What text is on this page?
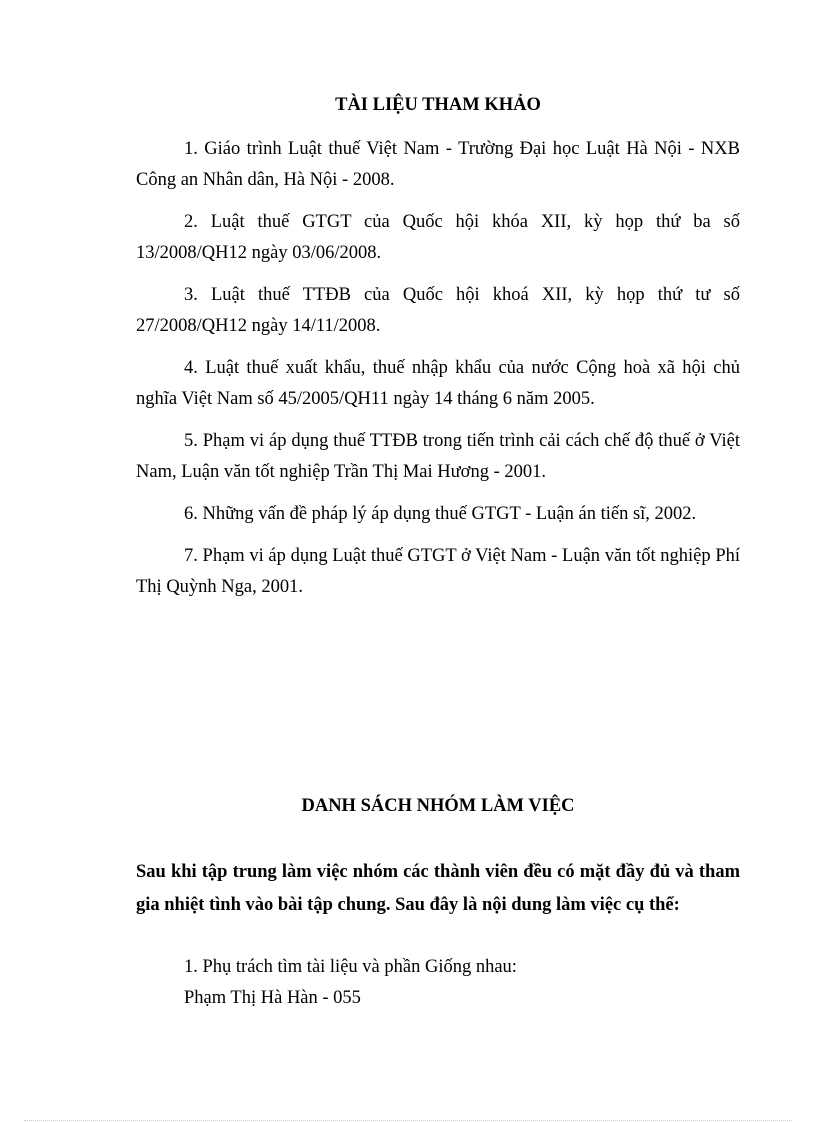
TÀI LIỆU THAM KHẢO
1. Giáo trình Luật thuế Việt Nam - Trường Đại học Luật Hà Nội - NXB Công an Nhân dân, Hà Nội - 2008.
2. Luật thuế GTGT của Quốc hội khóa XII, kỳ họp thứ ba số 13/2008/QH12 ngày 03/06/2008.
3. Luật thuế TTĐB của Quốc hội khoá XII, kỳ họp thứ tư số 27/2008/QH12 ngày 14/11/2008.
4. Luật thuế xuất khẩu, thuế nhập khẩu của nước Cộng hoà xã hội chủ nghĩa Việt Nam số 45/2005/QH11 ngày 14 tháng 6 năm 2005.
5. Phạm vi áp dụng thuế TTĐB trong tiến trình cải cách chế độ thuế ở Việt Nam, Luận văn tốt nghiệp Trần Thị Mai Hương - 2001.
6. Những vấn đề pháp lý áp dụng thuế GTGT - Luận án tiến sĩ, 2002.
7. Phạm vi áp dụng Luật thuế GTGT ở Việt Nam - Luận văn tốt nghiệp Phí Thị Quỳnh Nga, 2001.
DANH SÁCH NHÓM LÀM VIỆC

Sau khi tập trung làm việc nhóm các thành viên đều có mặt đầy đủ và tham gia nhiệt tình vào bài tập chung. Sau đây là nội dung làm việc cụ thể:

1. Phụ trách tìm tài liệu và phần Giống nhau:
Phạm Thị Hà Hàn - 055
